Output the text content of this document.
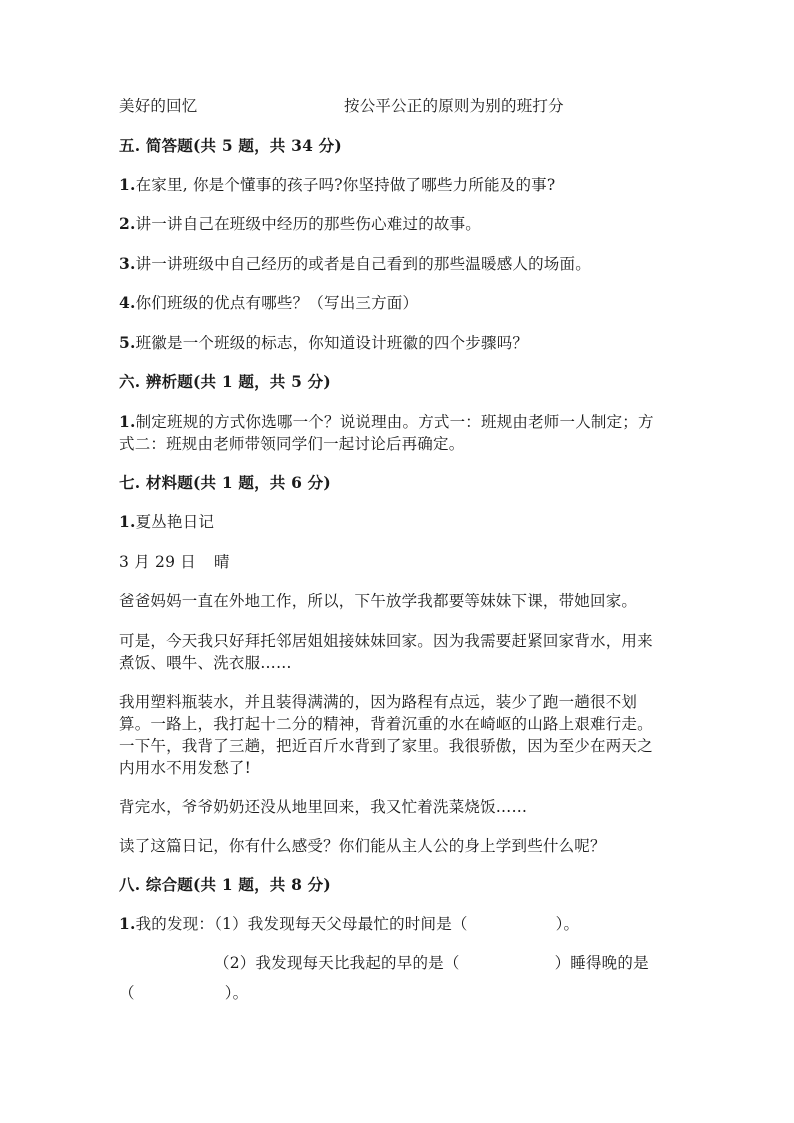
美好的回忆	按公平公正的原则为别的班打分
五. 简答题(共 5 题，共 34 分)
1.在家里, 你是个懂事的孩子吗?你坚持做了哪些力所能及的事?
2.讲一讲自己在班级中经历的那些伤心难过的故事。
3.讲一讲班级中自己经历的或者是自己看到的那些温暖感人的场面。
4.你们班级的优点有哪些？（写出三方面）
5.班徽是一个班级的标志，你知道设计班徽的四个步骤吗？
六. 辨析题(共 1 题，共 5 分)
1.制定班规的方式你选哪一个？说说理由。方式一：班规由老师一人制定；方
式二：班规由老师带领同学们一起讨论后再确定。
七. 材料题(共 1 题，共 6 分)
1.夏丛艳日记
3 月 29 日 晴
爸爸妈妈一直在外地工作，所以，下午放学我都要等妹妹下课，带她回家。
可是，今天我只好拜托邻居姐姐接妹妹回家。因为我需要赶紧回家背水，用来
煮饭、喂牛、洗衣服……
我用塑料瓶装水，并且装得满满的，因为路程有点远，装少了跑一趟很不划
算。一路上，我打起十二分的精神，背着沉重的水在崎岖的山路上艰难行走。
一下午，我背了三趟，把近百斤水背到了家里。我很骄傲，因为至少在两天之
内用水不用发愁了!
背完水，爷爷奶奶还没从地里回来，我又忙着洗菜烧饭……
读了这篇日记，你有什么感受？你们能从主人公的身上学到些什么呢？
八. 综合题(共 1 题，共 8 分)
1.我的发现：（1）我发现每天父母最忙的时间是（	）。
（2）我发现每天比我起的早的是（	）睡得晚的是
（	）。
